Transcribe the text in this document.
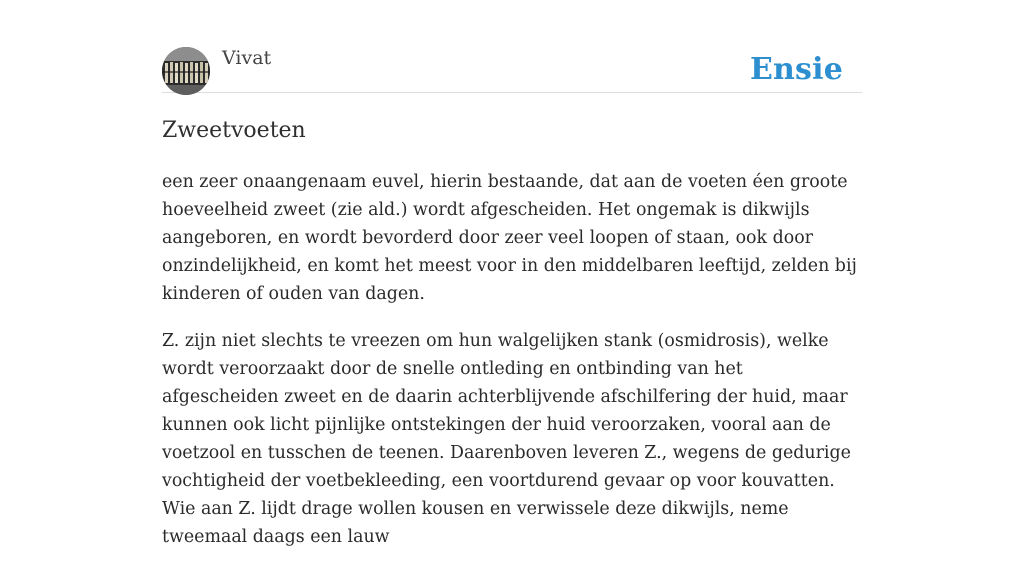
Vivat	Ensie
Zweetvoeten

een zeer onaangenaam euvel, hierin bestaande, dat aan de voeten éen groote hoeveelheid zweet (zie ald.) wordt afgescheiden. Het ongemak is dikwijls aangeboren, en wordt bevorderd door zeer veel loopen of staan, ook door onzindelijkheid, en komt het meest voor in den middelbaren leeftijd, zelden bij kinderen of ouden van dagen.

Z. zijn niet slechts te vreezen om hun walgelijken stank (osmidrosis), welke wordt veroorzaakt door de snelle ontleding en ontbinding van het afgescheiden zweet en de daarin achterblijvende afschilfering der huid, maar kunnen ook licht pijnlijke ontstekingen der huid veroorzaken, vooral aan de voetzool en tusschen de teenen. Daarenboven leveren Z., wegens de gedurige vochtigheid der voetbekleeding, een voortdurend gevaar op voor kouvatten. Wie aan Z. lijdt drage wollen kousen en verwissele deze dikwijls, neme tweemaal daags een lauw
